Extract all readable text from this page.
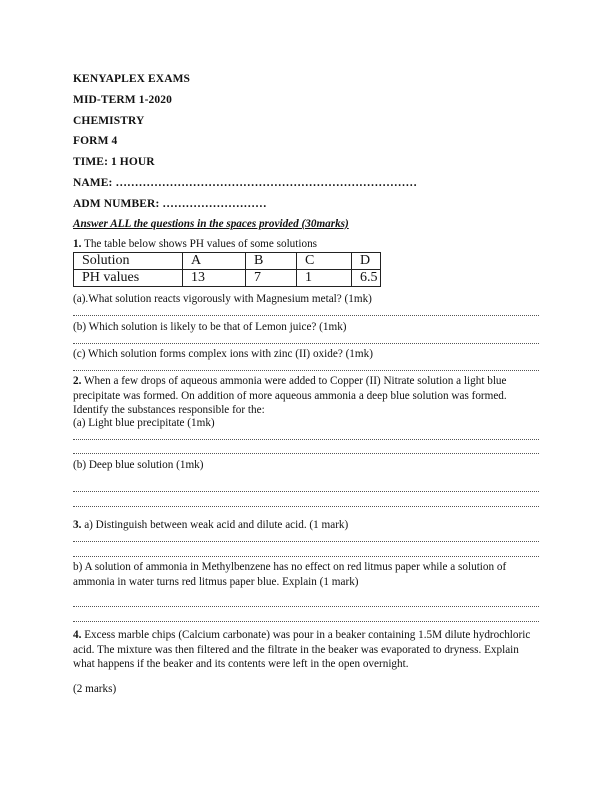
KENYAPLEX EXAMS
MID-TERM 1-2020
CHEMISTRY
FORM 4
TIME: 1 HOUR
NAME: ……………………………………………………………………
ADM NUMBER: ………………………
Answer ALL the questions in the spaces provided (30marks)
1. The table below shows PH values of some solutions
Solution	A	B	C	D
PH values	13	7	1	6.5
(a).What solution reacts vigorously with Magnesium metal? (1mk)
(b) Which solution is likely to be that of Lemon juice? (1mk)
(c) Which solution forms complex ions with zinc (II) oxide? (1mk)
2. When a few drops of aqueous ammonia were added to Copper (II) Nitrate solution a light blue precipitate was formed. On addition of more aqueous ammonia a deep blue solution was formed. Identify the substances responsible for the:
(a) Light blue precipitate (1mk)
(b) Deep blue solution (1mk)
3. a) Distinguish between weak acid and dilute acid. (1 mark)
b) A solution of ammonia in Methylbenzene has no effect on red litmus paper while a solution of ammonia in water turns red litmus paper blue. Explain (1 mark)
4. Excess marble chips (Calcium carbonate) was pour in a beaker containing 1.5M dilute hydrochloric acid. The mixture was then filtered and the filtrate in the beaker was evaporated to dryness. Explain what happens if the beaker and its contents were left in the open overnight.
(2 marks)
